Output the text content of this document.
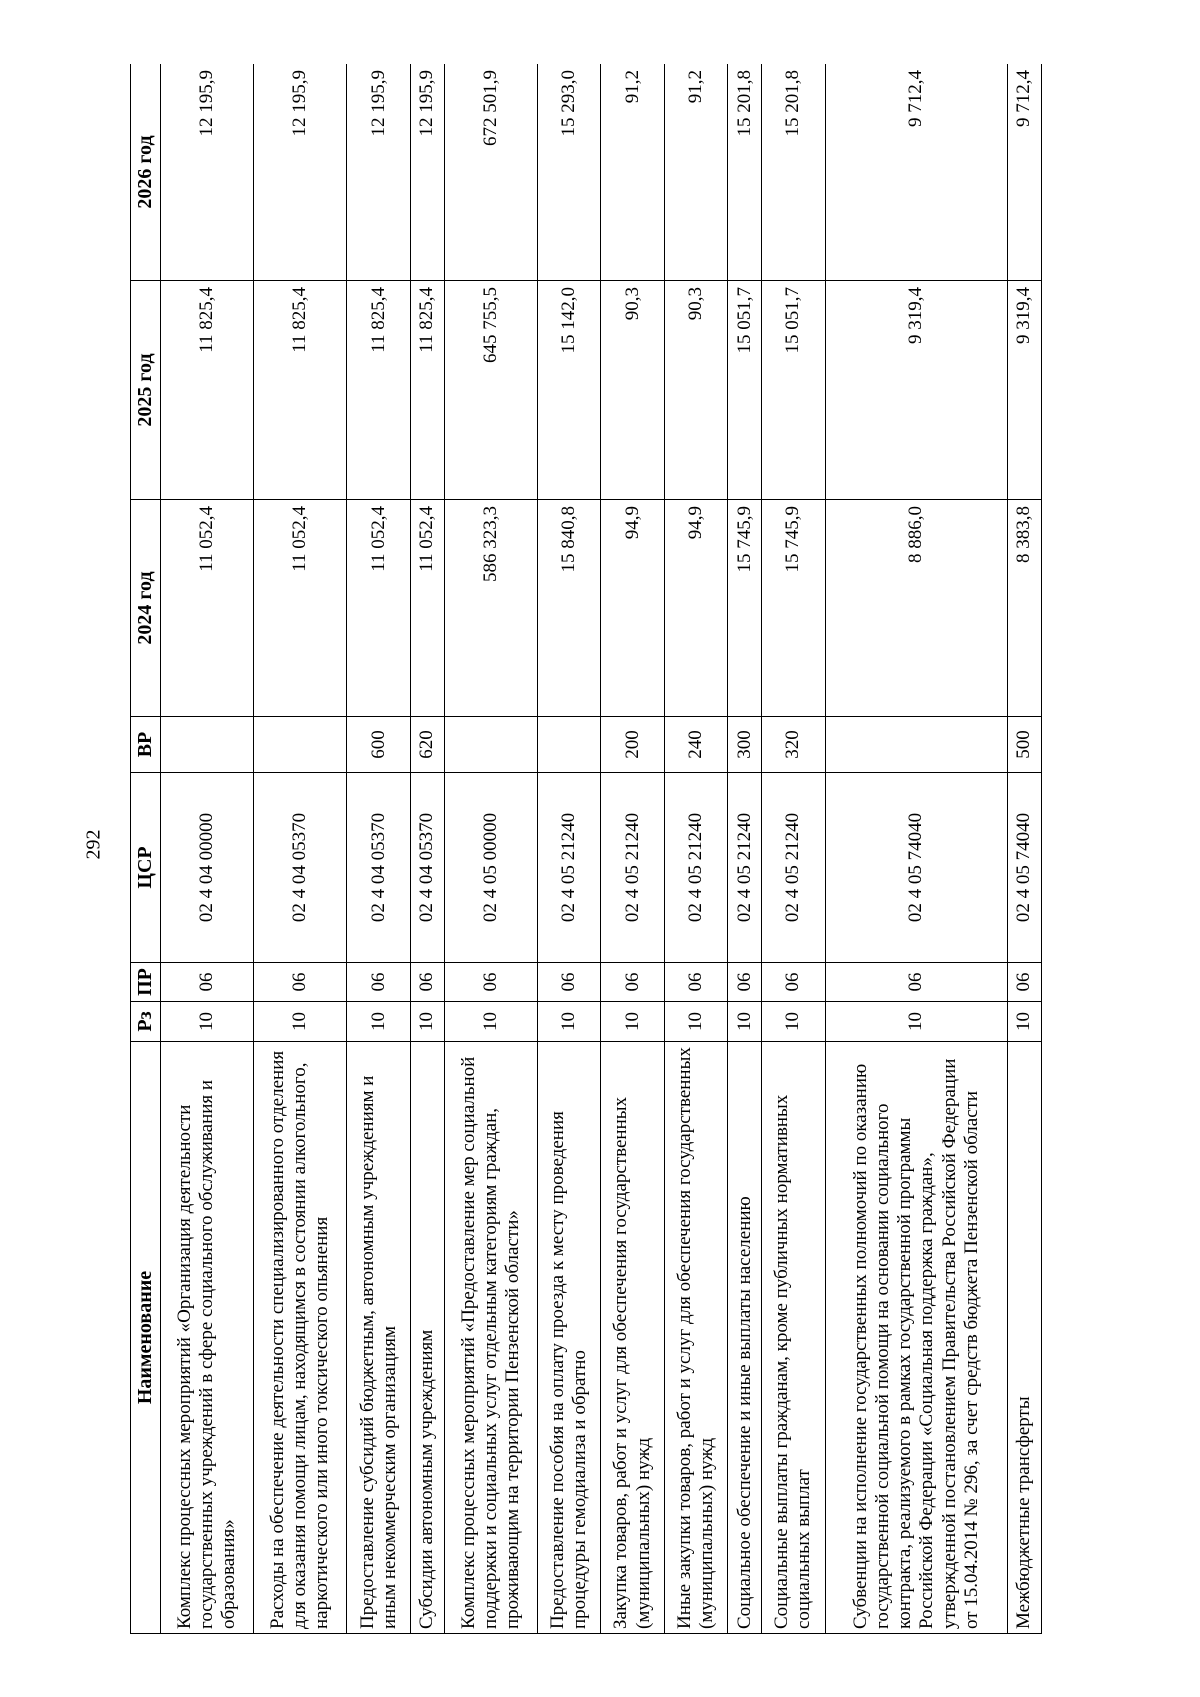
292
Наименование	Рз	ПР	ЦСР	ВР	2024 год	2025 год	2026 год
Комплекс процессных мероприятий «Организация деятельности государственных учреждений в сфере социального обслуживания и образования»	10	06	02 4 04 00000		11 052,4	11 825,4	12 195,9
Расходы на обеспечение деятельности специализированного отделения для оказания помощи лицам, находящимся в состоянии алкогольного, наркотического или иного токсического опьянения	10	06	02 4 04 05370		11 052,4	11 825,4	12 195,9
Предоставление субсидий бюджетным, автономным учреждениям и иным некоммерческим организациям	10	06	02 4 04 05370	600	11 052,4	11 825,4	12 195,9
Субсидии автономным учреждениям	10	06	02 4 04 05370	620	11 052,4	11 825,4	12 195,9
Комплекс процессных мероприятий «Предоставление мер социальной поддержки и социальных услуг отдельным категориям граждан, проживающим на территории Пензенской области»	10	06	02 4 05 00000		586 323,3	645 755,5	672 501,9
Предоставление пособия на оплату проезда к месту проведения процедуры гемодиализа и обратно	10	06	02 4 05 21240		15 840,8	15 142,0	15 293,0
Закупка товаров, работ и услуг для обеспечения государственных (муниципальных) нужд	10	06	02 4 05 21240	200	94,9	90,3	91,2
Иные закупки товаров, работ и услуг для обеспечения государственных (муниципальных) нужд	10	06	02 4 05 21240	240	94,9	90,3	91,2
Социальное обеспечение и иные выплаты населению	10	06	02 4 05 21240	300	15 745,9	15 051,7	15 201,8
Социальные выплаты гражданам, кроме публичных нормативных социальных выплат	10	06	02 4 05 21240	320	15 745,9	15 051,7	15 201,8
Субвенции на исполнение государственных полномочий по оказанию государственной социальной помощи на основании социального контракта, реализуемого в рамках государственной программы Российской Федерации «Социальная поддержка граждан», утвержденной постановлением Правительства Российской Федерации от 15.04.2014 № 296, за счет средств бюджета Пензенской области	10	06	02 4 05 74040		8 886,0	9 319,4	9 712,4
Межбюджетные трансферты	10	06	02 4 05 74040	500	8 383,8	9 319,4	9 712,4
